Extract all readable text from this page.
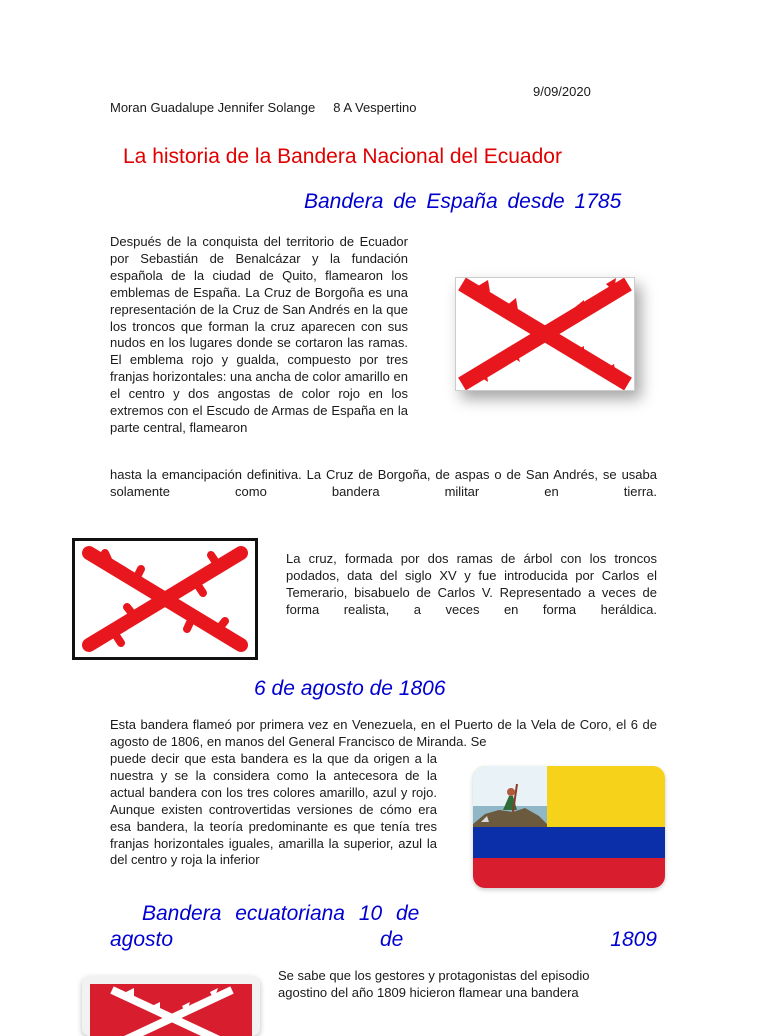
9/09/2020
Moran Guadalupe Jennifer Solange     8 A Vespertino
La historia de la Bandera Nacional del Ecuador
Bandera de España desde 1785
Después de la conquista del territorio de Ecuador por Sebastián de Benalcázar y la fundación española de la ciudad de Quito, flamearon los emblemas de España. La Cruz de Borgoña es una representación de la Cruz de San Andrés en la que los troncos que forman la cruz aparecen con sus nudos en los lugares donde se cortaron las ramas. El emblema rojo y gualda, compuesto por tres franjas horizontales: una ancha de color amarillo en el centro y dos angostas de color rojo en los extremos con el Escudo de Armas de España en la parte central, flamearon
hasta la emancipación definitiva. La Cruz de Borgoña, de aspas o de San Andrés, se usaba solamente como bandera militar en tierra.
La cruz, formada por dos ramas de árbol con los troncos podados, data del siglo XV y fue introducida por Carlos el Temerario, bisabuelo de Carlos V. Representado a veces de forma realista, a veces en forma heráldica.
6 de agosto de 1806
Esta bandera flameó por primera vez en Venezuela, en el Puerto de la Vela de Coro, el 6 de agosto de 1806, en manos del General Francisco de Miranda. Se
puede decir que esta bandera es la que da origen a la nuestra y se la considera como la antecesora de la actual bandera con los tres colores amarillo, azul y rojo. Aunque existen controvertidas versiones de cómo era esa bandera, la teoría predominante es que tenía tres franjas horizontales iguales, amarilla la superior, azul la del centro y roja la inferior
Bandera ecuatoriana 10 de
agosto	de	1809
Se sabe que los gestores y protagonistas del episodio
agostino del año 1809 hicieron flamear una bandera
